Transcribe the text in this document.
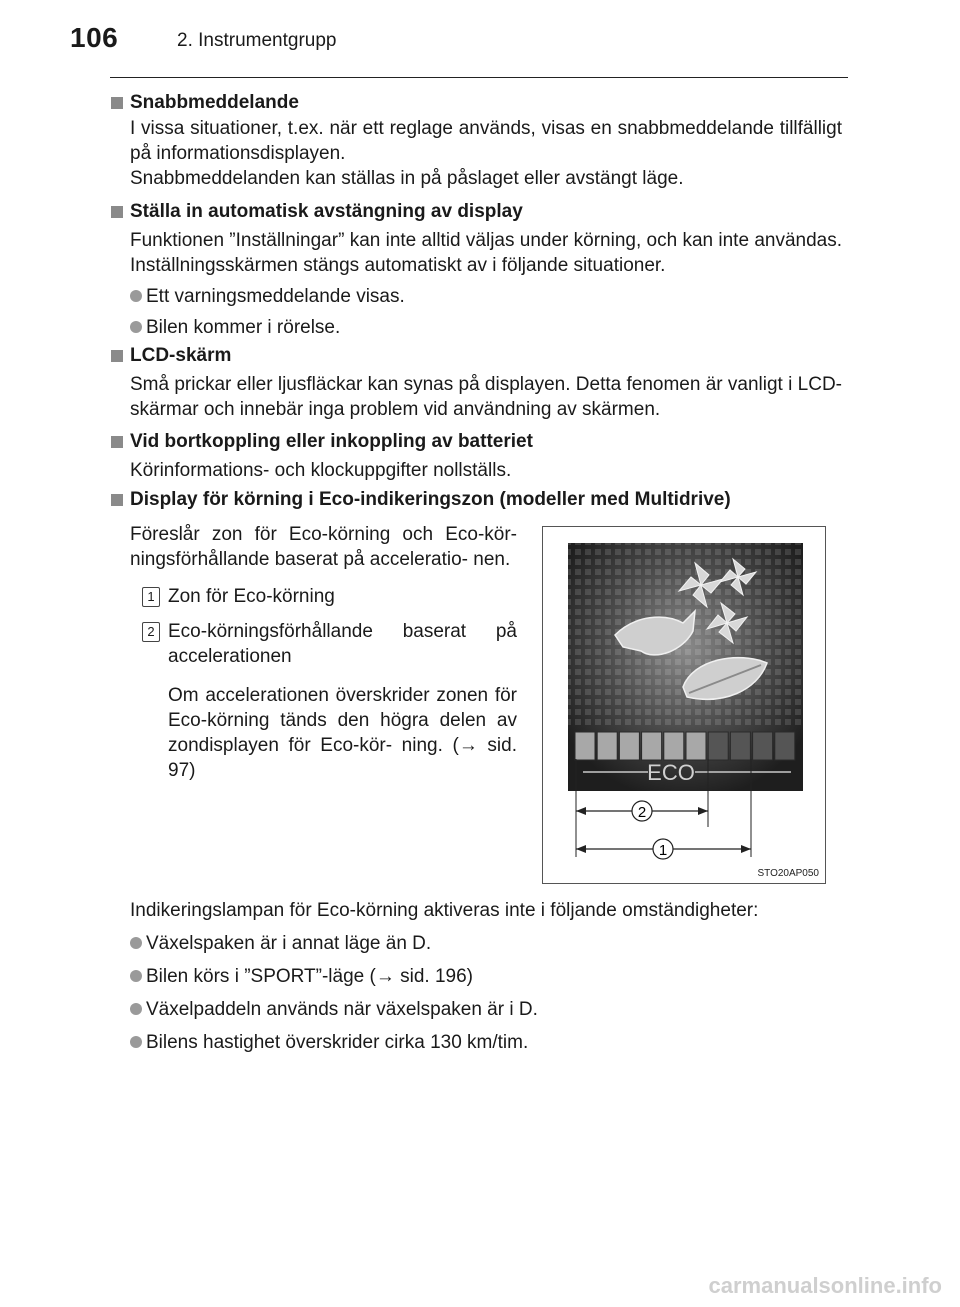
106	2. Instrumentgrupp
Snabbmeddelande

I vissa situationer, t.ex. när ett reglage används, visas en snabbmeddelande tillfälligt på informationsdisplayen.

Snabbmeddelanden kan ställas in på påslaget eller avstängt läge.

Ställa in automatisk avstängning av display

Funktionen ”Inställningar” kan inte alltid väljas under körning, och kan inte användas. Inställningsskärmen stängs automatiskt av i följande situationer.

Ett varningsmeddelande visas.
Bilen kommer i rörelse.
LCD-skärm

Små prickar eller ljusfläckar kan synas på displayen. Detta fenomen är vanligt i LCD-skärmar och innebär inga problem vid användning av skärmen.

Vid bortkoppling eller inkoppling av batteriet

Körinformations- och klockuppgifter nollställs.

Display för körning i Eco-indikeringszon (modeller med Multidrive)

Föreslår zon för Eco-körning och Eco-kör- ningsförhållande baserat på acceleratio- nen.

1 Zon för Eco-körning
2 Eco-körningsförhållande baserat på accelerationen

Om accelerationen överskrider zonen för Eco-körning tänds den högra delen av zondisplayen för Eco-kör- ning. (→ sid. 97)	ECO
2
1
STO20AP050

Indikeringslampan för Eco-körning aktiveras inte i följande omständigheter:

Växelspaken är i annat läge än D.
Bilen körs i ”SPORT”-läge (→ sid. 196)
Växelpaddeln används när växelspaken är i D.
Bilens hastighet överskrider cirka 130 km/tim.
carmanualsonline.info
